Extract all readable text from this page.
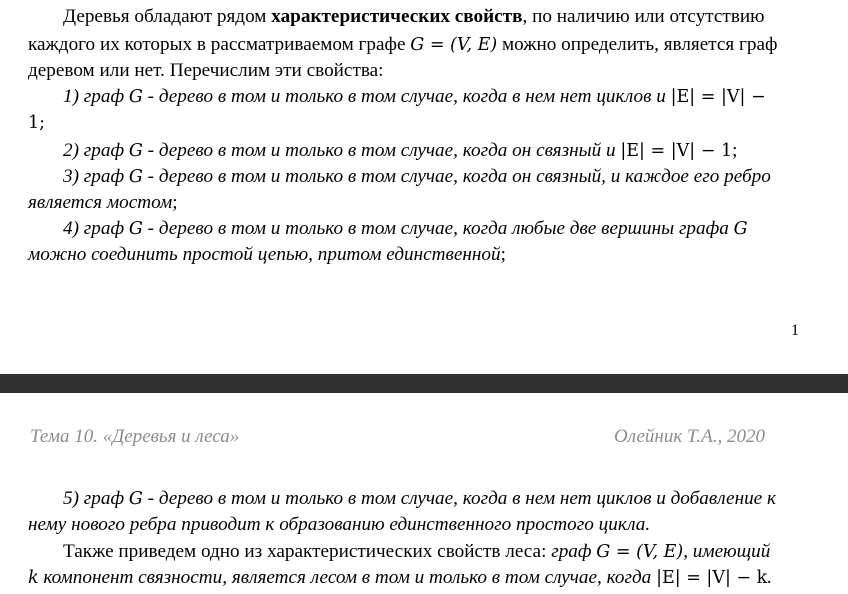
Деревья обладают рядом характеристических свойств, по наличию или отсутствию
каждого их которых в рассматриваемом графе G = (V, E) можно определить, является граф
деревом или нет. Перечислим эти свойства:
1) граф G - дерево в том и только в том случае, когда в нем нет циклов и |E| = |V| −
1;
2) граф G - дерево в том и только в том случае, когда он связный и |E| = |V| − 1;
3) граф G - дерево в том и только в том случае, когда он связный, и каждое его ребро
является мостом;
4) граф G - дерево в том и только в том случае, когда любые две вершины графа G
можно соединить простой цепью, притом единственной;
1
Тема 10. «Деревья и леса»	Олейник Т.А., 2020
5) граф G - дерево в том и только в том случае, когда в нем нет циклов и добавление к
нему нового ребра приводит к образованию единственного простого цикла.
Также приведем одно из характеристических свойств леса: граф G = (V, E), имеющий
k компонент связности, является лесом в том и только в том случае, когда |E| = |V| − k.
